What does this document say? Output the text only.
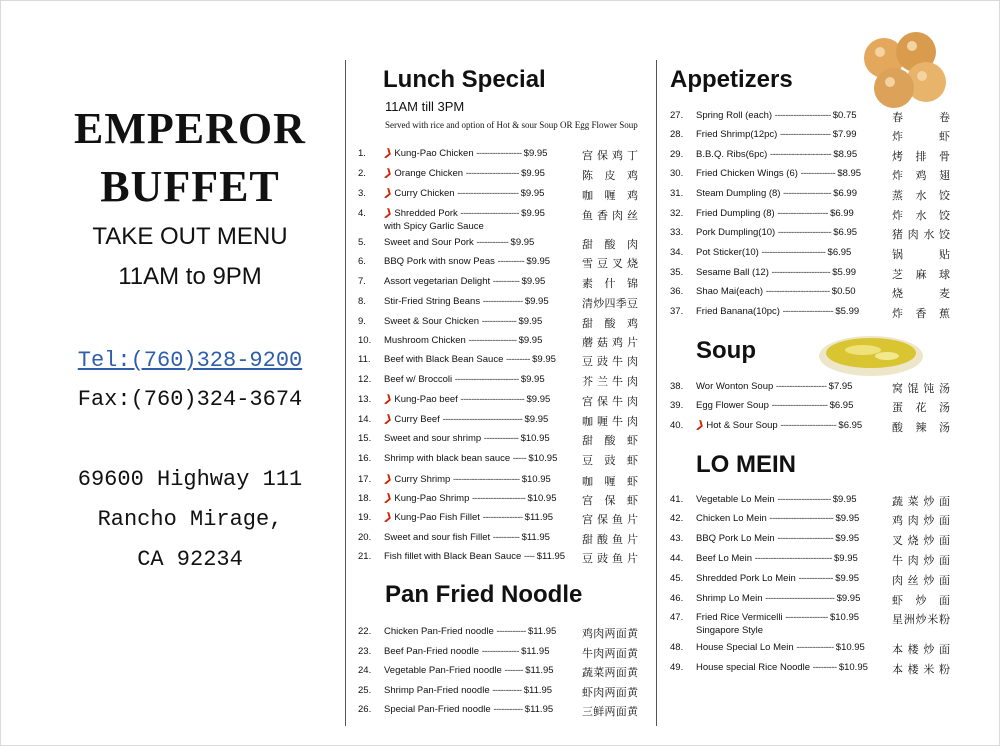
EMPEROR
BUFFET
TAKE OUT MENU
11AM to 9PM
Tel:(760)328-9200
Fax:(760)324-3674
69600 Highway 111
Rancho Mirage,
CA 92234
Lunch Special
11AM till 3PM
Served with rice and option of Hot & sour Soup OR Egg Flower Soup
1.	❯Kung-Pao Chicken ----------------- $9.95	宫保鸡丁
2.	❯Orange Chicken -------------------- $9.95	陈皮鸡
3.	❯Curry Chicken ----------------------- $9.95	咖喱鸡
4.	❯Shredded Pork ---------------------- $9.95	鱼香肉丝
with Spicy Garlic Sauce
5.	Sweet and Sour Pork ------------ $9.95	甜酸肉
6.	BBQ Pork with snow Peas ---------- $9.95	雪豆叉烧
7.	Assort vegetarian Delight ---------- $9.95	素什锦
8.	Stir-Fried String Beans --------------- $9.95	清炒四季豆
9.	Sweet & Sour Chicken ------------- $9.95	甜酸鸡
10.	Mushroom Chicken ------------------ $9.95	蘑菇鸡片
11.	Beef with Black Bean Sauce --------- $9.95 豆豉牛肉
12.	Beef w/ Broccoli ------------------------ $9.95	芥兰牛肉
13.	❯Kung-Pao beef ------------------------ $9.95	宫保牛肉
14.	❯Curry Beef ------------------------------ $9.95	咖喱牛肉
15.	Sweet and sour shrimp ------------- $10.95	甜酸虾
16.	Shrimp with black bean sauce ----- $10.95 豆豉虾
17.	❯Curry Shrimp ------------------------- $10.95	咖喱虾
18.	❯Kung-Pao Shrimp -------------------- $10.95 宫保虾
19.	❯Kung-Pao Fish Fillet --------------- $11.95	宫保鱼片
20.	Sweet and sour fish Fillet ---------- $11.95	甜酸鱼片
21.	Fish fillet with Black Bean Sauce ---- $11.95 豆豉鱼片
Pan Fried Noodle
22.	Chicken Pan-Fried noodle ----------- $11.95 鸡肉两面黄
23.	Beef Pan-Fried noodle -------------- $11.95	牛肉两面黄
24.	Vegetable Pan-Fried noodle ------- $11.95	蔬菜两面黄
25.	Shrimp Pan-Fried noodle ----------- $11.95	虾肉两面黄
26.	Special Pan-Fried noodle ----------- $11.95	三鲜两面黄
Appetizers
27.	Spring Roll (each) --------------------- $0.75	春卷
28.	Fried Shrimp(12pc) ------------------- $7.99	炸虾
29.	B.B.Q. Ribs(6pc) ----------------------- $8.95	烤排骨
30.	Fried Chicken Wings (6) ------------- $8.95	炸鸡翅
31.	Steam Dumpling (8) ------------------ $6.99	蒸水饺
32.	Fried Dumpling (8) ------------------- $6.99	炸水饺
33.	Pork Dumpling(10) -------------------- $6.95	猪肉水饺
34.	Pot Sticker(10) ------------------------ $6.95	锅贴
35.	Sesame Ball (12) ---------------------- $5.99	芝麻球
36.	Shao Mai(each) ------------------------ $0.50	烧麦
37.	Fried Banana(10pc) ------------------- $5.99	炸香蕉
Soup
38.	Wor Wonton Soup ------------------- $7.95	窝馄饨汤
39.	Egg Flower Soup --------------------- $6.95	蛋花汤
40.	❯Hot & Sour Soup --------------------- $6.95	酸辣汤
LO MEIN
41.	Vegetable Lo Mein -------------------- $9.95	蔬菜炒面
42.	Chicken Lo Mein ------------------------ $9.95	鸡肉炒面
43.	BBQ Pork Lo Mein --------------------- $9.95	叉烧炒面
44.	Beef Lo Mein ----------------------------- $9.95	牛肉炒面
45.	Shredded Pork Lo Mein ------------- $9.95	肉丝炒面
46.	Shrimp Lo Mein -------------------------- $9.95	虾炒面
47.	Fried Rice Vermicelli ---------------- $10.95	星洲炒米粉
Singapore Style
48.	House Special Lo Mein -------------- $10.95 本楼炒面
49.	House special Rice Noodle --------- $10.95 本楼米粉
